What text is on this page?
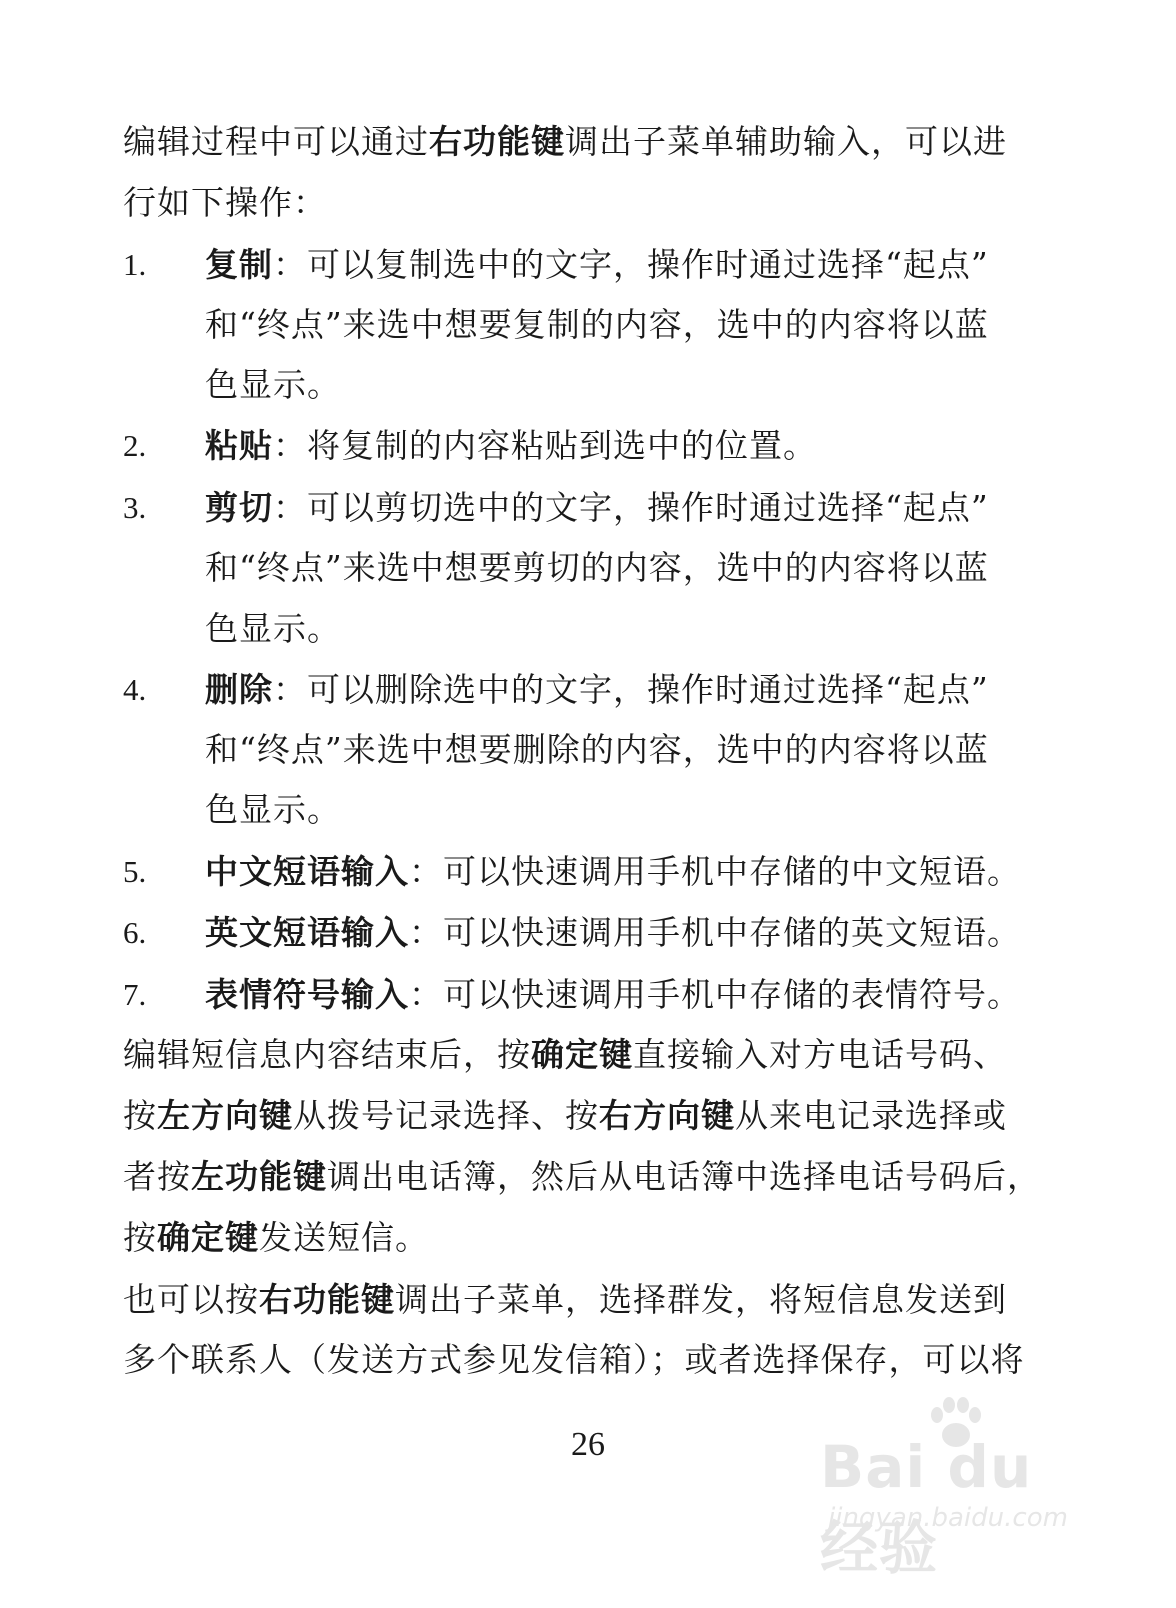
编辑过程中可以通过右功能键调出子菜单辅助输入，可以进
行如下操作：
1. 复制：可以复制选中的文字，操作时通过选择“起点”
和“终点”来选中想要复制的内容，选中的内容将以蓝
色显示。
2. 粘贴：将复制的内容粘贴到选中的位置。
3. 剪切：可以剪切选中的文字，操作时通过选择“起点”
和“终点”来选中想要剪切的内容，选中的内容将以蓝
色显示。
4. 删除：可以删除选中的文字，操作时通过选择“起点”
和“终点”来选中想要删除的内容，选中的内容将以蓝
色显示。
5. 中文短语输入：可以快速调用手机中存储的中文短语。
6. 英文短语输入：可以快速调用手机中存储的英文短语。
7. 表情符号输入：可以快速调用手机中存储的表情符号。
编辑短信息内容结束后，按确定键直接输入对方电话号码、
按左方向键从拨号记录选择、按右方向键从来电记录选择或
者按左功能键调出电话簿，然后从电话簿中选择电话号码后，
按确定键发送短信。
也可以按右功能键调出子菜单，选择群发，将短信息发送到
多个联系人（发送方式参见发信箱）；或者选择保存，可以将
26	Bai du 经验
jingyan.baidu.com
